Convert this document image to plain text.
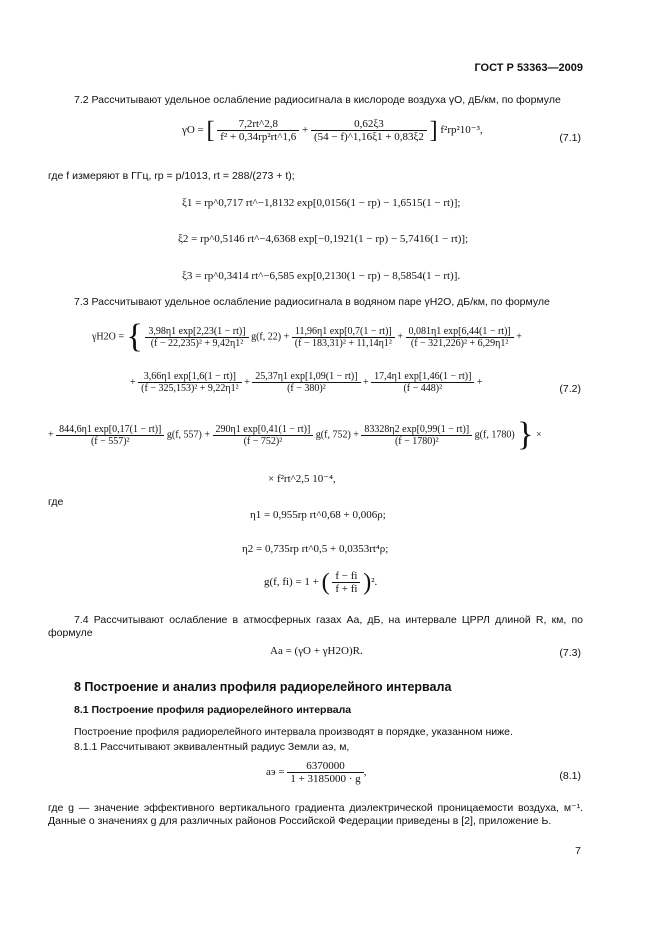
ГОСТ Р 53363—2009
7.2 Рассчитывают удельное ослабление радиосигнала в кислороде воздуха γO, дБ/км, по формуле
γO = [ $\frac{7,2rt\^{}2,8}{\text{f² + 0,34rp²rt\textasciicircum{}1,6}} + \frac{0,62\xi 3}{(54 - f)\^{}1,16\xi 1 + 0,83\xi 2}$ ] f²rp²10⁻³,
(7.1)
где f измеряют в ГГц, rp = p/1013, rt = 288/(273 + t);
ξ1 = rp^0,717 rt^−1,8132 exp[0,0156(1 − rp) − 1,6515(1 − rt)];
ξ2 = rp^0,5146 rt^−4,6368 exp[−0,1921(1 − rp) − 5,7416(1 − rt)];
ξ3 = rp^0,3414 rt^−6,585 exp[0,2130(1 − rp) − 8,5854(1 − rt)].
7.3 Рассчитывают удельное ослабление радиосигнала в водяном паре γH2O, дБ/км, по формуле
γH2O = { $\frac{3,98\eta 1 \exp[2,23(1 - rt)]}{\text{(f − 22,235)² + 9,42η1²}} g(f$, $22) + \frac{11,96\eta 1 \exp[0,7(1 - rt)]}{\text{(f − 183,31)² + 11,14η1²}} + \frac{0,081\eta 1 \exp[6,44(1 - rt)]}{\text{(f − 321,226)² + 6,29η1²}}$ +
+ $\frac{3,66\eta 1 \exp[1,6(1 - rt)]}{\text{(f − 325,153)² + 9,22η1²}} + \frac{25,37\eta 1 \exp[1,09(1 - rt)]}{\text{(f − 380)²}} + \frac{17,4\eta 1 \exp[1,46(1 - rt)]}{\text{(f − 448)²}}$ +
(7.2)
+ $\frac{844,6\eta 1 \exp[0,17(1 - rt)]}{\text{(f − 557)²}} g(f$, $557) + \frac{290\eta 1 \exp[0,41(1 - rt)]}{\text{(f − 752)²}} g(f$, $752) + \frac{83328\eta 2 \exp[0,99(1 - rt)]}{\text{(f − 1780)²}} g(f$, 1780) } ×
× f²rt^2,5 10⁻⁴,
где
η1 = 0,955rp rt^0,68 + 0,006ρ;
η2 = 0,735rp rt^0,5 + 0,0353rt⁴ρ;
g(f, fi) = 1 + ( $\frac{f - fi}{f + fi} )^2$.
7.4 Рассчитывают ослабление в атмосферных газах Aa, дБ, на интервале ЦРРЛ длиной R, км, по формуле
Aa = (γO + γH2O)R.	(7.3)
8 Построение и анализ профиля радиорелейного интервала
8.1 Построение профиля радиорелейного интервала
Построение профиля радиорелейного интервала производят в порядке, указанном ниже.
8.1.1 Рассчитывают эквивалентный радиус Земли aэ, м,
aэ = $\frac{6370000}{1 + 3185000 \cdot g}$ ,	(8.1)
где g — значение эффективного вертикального градиента диэлектрической проницаемости воздуха, м⁻¹. Данные о значениях g для различных районов Российской Федерации приведены в [2], приложение Ь.
7
